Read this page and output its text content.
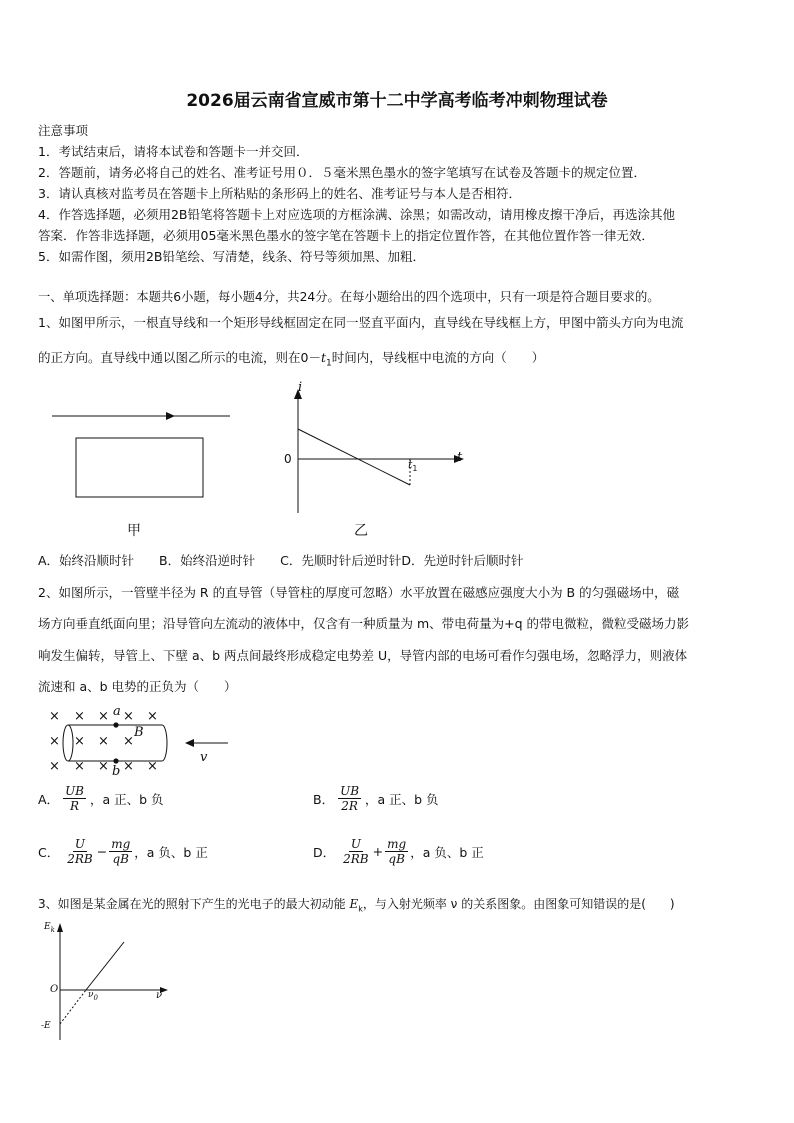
2026届云南省宣威市第十二中学高考临考冲刺物理试卷
注意事项
1．考试结束后，请将本试卷和答题卡一并交回．
2．答题前，请务必将自己的姓名、准考证号用０．５毫米黑色墨水的签字笔填写在试卷及答题卡的规定位置．
3．请认真核对监考员在答题卡上所粘贴的条形码上的姓名、准考证号与本人是否相符．
4．作答选择题，必须用2B铅笔将答题卡上对应选项的方框涂满、涂黑；如需改动，请用橡皮擦干净后，再选涂其他
答案．作答非选择题，必须用05毫米黑色墨水的签字笔在答题卡上的指定位置作答，在其他位置作答一律无效．
5．如需作图，须用2B铅笔绘、写清楚，线条、符号等须加黑、加粗．
一、单项选择题：本题共6小题，每小题4分，共24分。在每小题给出的四个选项中，只有一项是符合题目要求的。
1、如图甲所示，一根直导线和一个矩形导线框固定在同一竖直平面内，直导线在导线框上方，甲图中箭头方向为电流
的正方向。直导线中通以图乙所示的电流，则在$0-t_1$时间内，导线框中电流的方向（　　）
甲
i
0	t
$t_1$
乙
A．始终沿顺时针　　B．始终沿逆时针　　C．先顺时针后逆时针D．先逆时针后顺时针
2、如图所示，一管壁半径为 R 的直导管（导管柱的厚度可忽略）水平放置在磁感应强度大小为 B 的匀强磁场中，磁
场方向垂直纸面向里；沿导管向左流动的液体中，仅含有一种质量为 m、带电荷量为+q 的带电微粒，微粒受磁场力影
响发生偏转，导管上、下壁 a、b 两点间最终形成稳定电势差 U，导管内部的电场可看作匀强电场，忽略浮力，则液体
流速和 a、b 电势的正负为（　　）
× × × × ×
× × × ×
× × × × ×
a
b
B
v
A． $\frac{UB}{R}$ ，a 正、b 负	B． $\frac{UB}{2R}$ ，a 正、b 负
C． $\frac{U}{2RB} - \frac{mg}{qB}$ ，a 负、b 正	D． $\frac{U}{2RB} + \frac{mg}{qB}$ ，a 负、b 正
3、如图是某金属在光的照射下产生的光电子的最大初动能 $E_k$，与入射光频率 ν 的关系图象。由图象可知错误的是(　　)
$E_k$
O
ν
$\nu_0$
-E
